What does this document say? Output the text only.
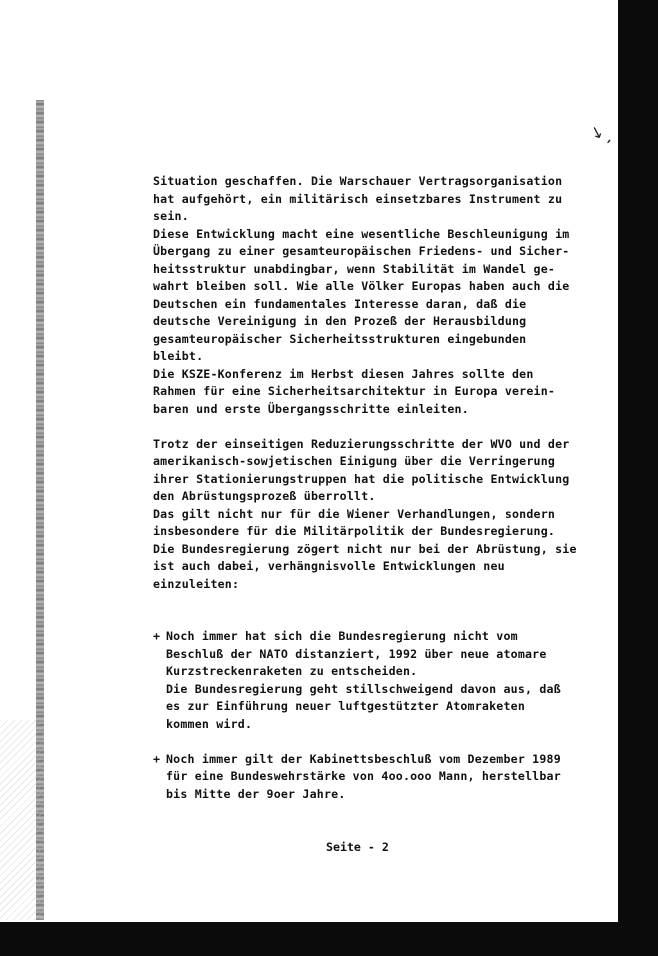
↘ ,
Situation geschaffen. Die Warschauer Vertragsorganisation
hat aufgehört, ein militärisch einsetzbares Instrument zu
sein.
Diese Entwicklung macht eine wesentliche Beschleunigung im
Übergang zu einer gesamteuropäischen Friedens- und Sicher-
heitsstruktur unabdingbar, wenn Stabilität im Wandel ge-
wahrt bleiben soll. Wie alle Völker Europas haben auch die
Deutschen ein fundamentales Interesse daran, daß die
deutsche Vereinigung in den Prozeß der Herausbildung
gesamteuropäischer Sicherheitsstrukturen eingebunden
bleibt.
Die KSZE-Konferenz im Herbst diesen Jahres sollte den
Rahmen für eine Sicherheitsarchitektur in Europa verein-
baren und erste Übergangsschritte einleiten.
Trotz der einseitigen Reduzierungsschritte der WVO und der
amerikanisch-sowjetischen Einigung über die Verringerung
ihrer Stationierungstruppen hat die politische Entwicklung
den Abrüstungsprozeß überrollt.
Das gilt nicht nur für die Wiener Verhandlungen, sondern
insbesondere für die Militärpolitik der Bundesregierung.
Die Bundesregierung zögert nicht nur bei der Abrüstung, sie
ist auch dabei, verhängnisvolle Entwicklungen neu
einzuleiten:
+ Noch immer hat sich die Bundesregierung nicht vom
Beschluß der NATO distanziert, 1992 über neue atomare
Kurzstreckenraketen zu entscheiden.
Die Bundesregierung geht stillschweigend davon aus, daß
es zur Einführung neuer luftgestützter Atomraketen
kommen wird.
+ Noch immer gilt der Kabinettsbeschluß vom Dezember 1989
für eine Bundeswehrstärke von 4oo.ooo Mann, herstellbar
bis Mitte der 9oer Jahre.
Seite - 2
